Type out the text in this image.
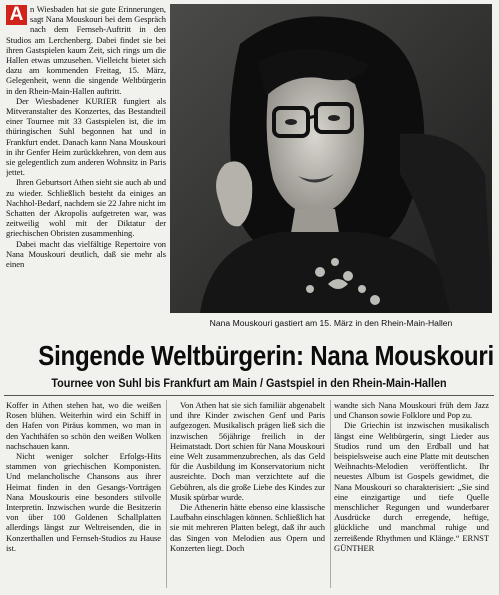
A n Wiesbaden hat sie gute Erinnerungen, sagt Nana Mouskouri bei dem Gespräch nach dem Fernseh-Auftritt in den Studios am Lerchenberg. Dabei findet sie bei ihren Gastspielen kaum Zeit, sich rings um die Hallen etwas umzusehen. Vielleicht bietet sich dazu am kommenden Freitag, 15. März, Gelegenheit, wenn die singende Weltbürgerin in den Rhein-Main-Hallen auftritt.

Der Wiesbadener KURIER fungiert als Mitveranstalter des Konzertes, das Bestandteil einer Tournee mit 33 Gastspielen ist, die im thüringischen Suhl begonnen hat und in Frankfurt endet. Danach kann Nana Mouskouri in ihr Genfer Heim zurückkehren, von dem aus sie gelegentlich zum anderen Wohnsitz in Paris jettet.

Ihren Geburtsort Athen sieht sie auch ab und zu wieder. Schließlich besteht da einiges an Nachhol-Bedarf, nachdem sie 22 Jahre nicht im Schatten der Akropolis aufgetreten war, was zeitweilig wohl mit der Diktatur der griechischen Obristen zusammenhing.

Dabei macht das vielfältige Repertoire von Nana Mouskouri deutlich, daß sie mehr als einen

Nana Mouskouri gastiert am 15. März in den Rhein-Main-Hallen
Singende Weltbürgerin: Nana Mouskouri
Tournee von Suhl bis Frankfurt am Main / Gastspiel in den Rhein-Main-Hallen

Koffer in Athen stehen hat, wo die weißen Rosen blühen. Weiterhin wird ein Schiff in den Hafen von Piräus kommen, wo man in den Yachthäfen so schön den weißen Wolken nachschauen kann.

Nicht weniger solcher Erfolgs-Hits stammen von griechischen Komponisten. Und melancholische Chansons aus ihrer Heimat finden in den Gesangs-Vorträgen Nana Mouskouris eine besonders stilvolle Interpretin. Inzwischen wurde die Besitzerin von über 100 Goldenen Schallplatten allerdings längst zur Weltreisenden, die in Konzerthallen und Fernseh-Studios zu Hause ist.

Von Athen hat sie sich familiär abgenabelt und ihre Kinder zwischen Genf und Paris aufgezogen. Musikalisch prägen ließ sich die inzwischen 56jährige freilich in der Heimatstadt. Dort schien für Nana Mouskouri eine Welt zusammenzubrechen, als das Geld für die Ausbildung im Konservatorium nicht ausreichte. Doch man verzichtete auf die Gebühren, als die große Liebe des Kindes zur Musik spürbar wurde.

Die Athenerin hätte ebenso eine klassische Laufbahn einschlagen können. Schließlich hat sie mit mehreren Platten belegt, daß ihr auch das Singen von Melodien aus Opern und Konzerten liegt. Doch

wandte sich Nana Mouskouri früh dem Jazz und Chanson sowie Folklore und Pop zu.

Die Griechin ist inzwischen musikalisch längst eine Weltbürgerin, singt Lieder aus Studios rund um den Erdball und hat beispielsweise auch eine Platte mit deutschen Weihnachts-Melodien veröffentlicht. Ihr neuestes Album ist Gospels gewidmet, die Nana Mouskouri so charakterisiert: „Sie sind eine einzigartige und tiefe Quelle menschlicher Regungen und wunderbarer Ausdrücke durch erregende, heftige, glückliche und manchmal ruhige und zerreißende Rhythmen und Klänge.“ ERNST GÜNTHER
